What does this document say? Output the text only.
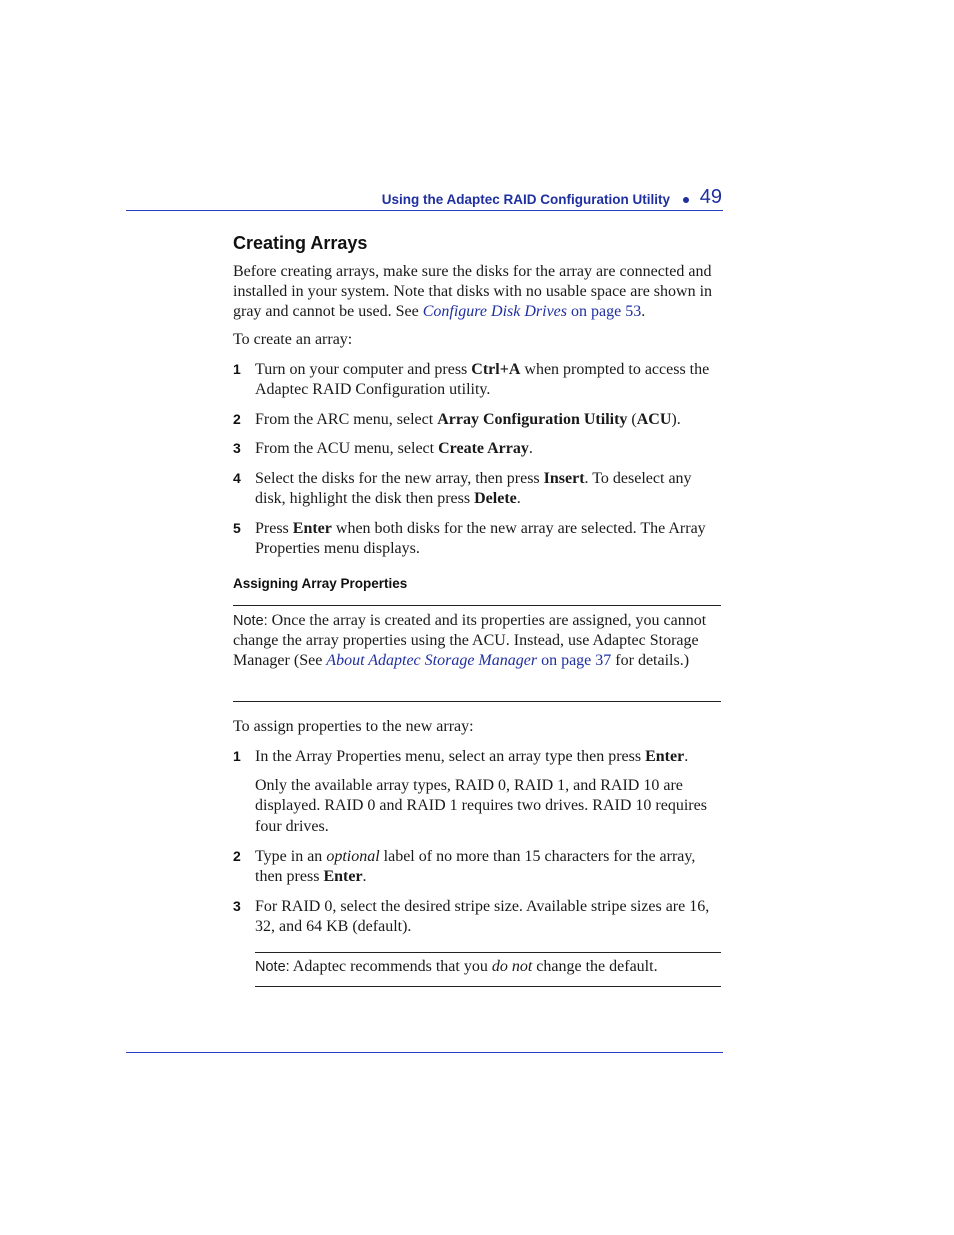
Using the Adaptec RAID Configuration Utility 49
Creating Arrays
Before creating arrays, make sure the disks for the array are connected and installed in your system. Note that disks with no usable space are shown in gray and cannot be used. See Configure Disk Drives on page 53.
To create an array:
1 Turn on your computer and press Ctrl+A when prompted to access the Adaptec RAID Configuration utility.
2 From the ARC menu, select Array Configuration Utility (ACU).
3 From the ACU menu, select Create Array.
4 Select the disks for the new array, then press Insert. To deselect any disk, highlight the disk then press Delete.
5 Press Enter when both disks for the new array are selected. The Array Properties menu displays.
Assigning Array Properties
Note: Once the array is created and its properties are assigned, you cannot change the array properties using the ACU. Instead, use Adaptec Storage Manager (See About Adaptec Storage Manager on page 37 for details.)
To assign properties to the new array:
1 In the Array Properties menu, select an array type then press Enter.
Only the available array types, RAID 0, RAID 1, and RAID 10 are displayed. RAID 0 and RAID 1 requires two drives. RAID 10 requires four drives.
2 Type in an optional label of no more than 15 characters for the array, then press Enter.
3 For RAID 0, select the desired stripe size. Available stripe sizes are 16, 32, and 64 KB (default).
Note: Adaptec recommends that you do not change the default.
